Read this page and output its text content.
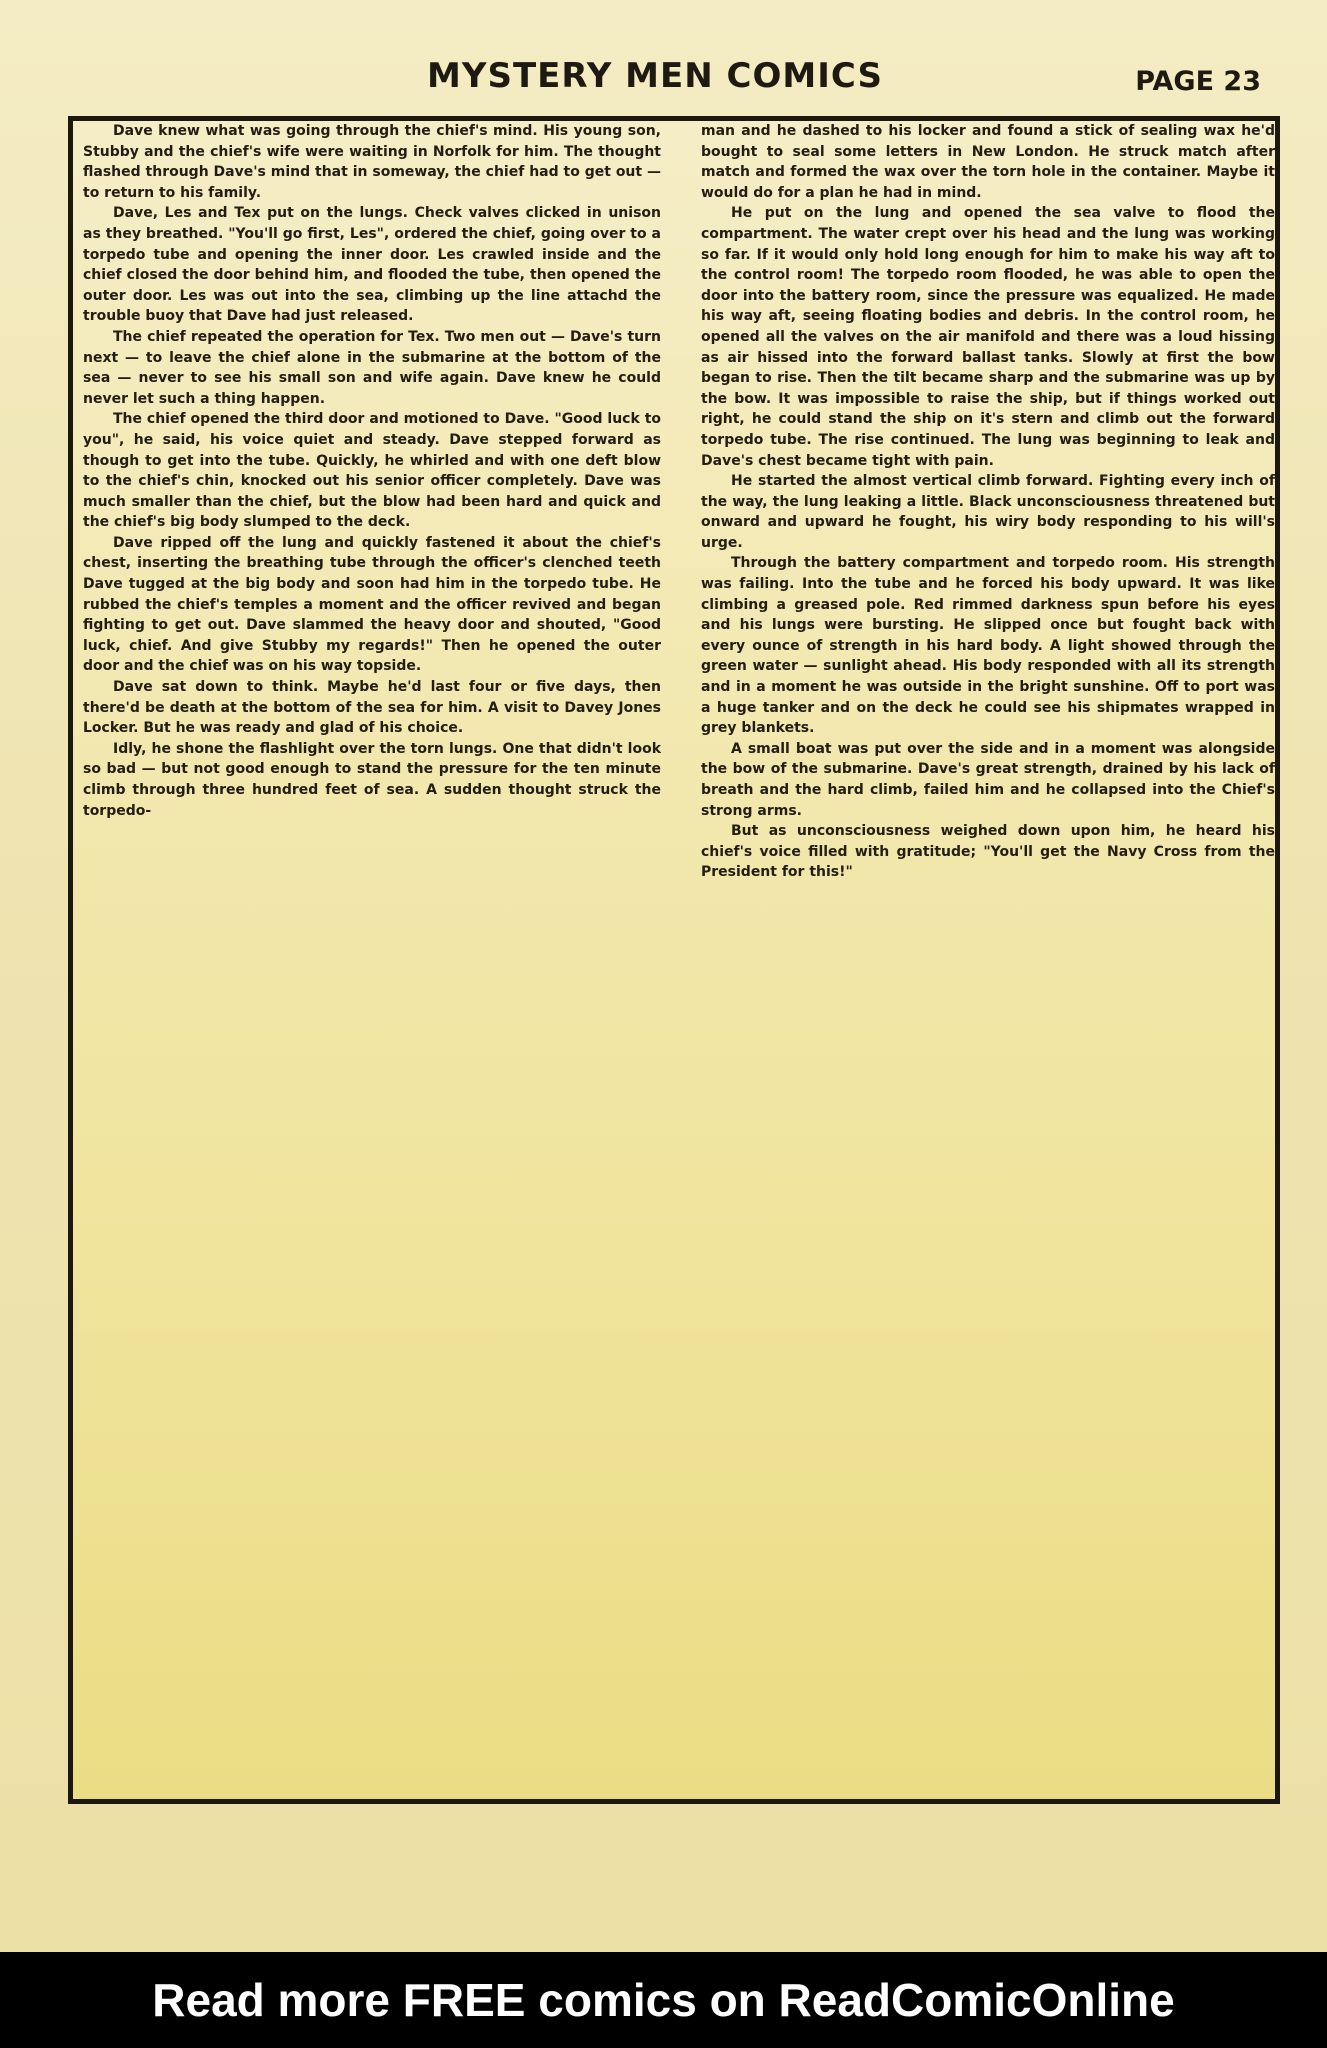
MYSTERY MEN COMICS	PAGE 23

Dave knew what was going through the chief's mind. His young son, Stubby and the chief's wife were waiting in Norfolk for him. The thought flashed through Dave's mind that in someway, the chief had to get out — to return to his family.

Dave, Les and Tex put on the lungs. Check valves clicked in unison as they breathed. "You'll go first, Les", ordered the chief, going over to a torpedo tube and opening the inner door. Les crawled inside and the chief closed the door behind him, and flooded the tube, then opened the outer door. Les was out into the sea, climbing up the line attachd the trouble buoy that Dave had just released.

The chief repeated the operation for Tex. Two men out — Dave's turn next — to leave the chief alone in the submarine at the bottom of the sea — never to see his small son and wife again. Dave knew he could never let such a thing happen.

The chief opened the third door and motioned to Dave. "Good luck to you", he said, his voice quiet and steady. Dave stepped forward as though to get into the tube. Quickly, he whirled and with one deft blow to the chief's chin, knocked out his senior officer completely. Dave was much smaller than the chief, but the blow had been hard and quick and the chief's big body slumped to the deck.

Dave ripped off the lung and quickly fastened it about the chief's chest, inserting the breathing tube through the officer's clenched teeth Dave tugged at the big body and soon had him in the torpedo tube. He rubbed the chief's temples a moment and the officer revived and began fighting to get out. Dave slammed the heavy door and shouted, "Good luck, chief. And give Stubby my regards!" Then he opened the outer door and the chief was on his way topside.

Dave sat down to think. Maybe he'd last four or five days, then there'd be death at the bottom of the sea for him. A visit to Davey Jones Locker. But he was ready and glad of his choice.

Idly, he shone the flashlight over the torn lungs. One that didn't look so bad — but not good enough to stand the pressure for the ten minute climb through three hundred feet of sea. A sudden thought struck the torpedo-

man and he dashed to his locker and found a stick of sealing wax he'd bought to seal some letters in New London. He struck match after match and formed the wax over the torn hole in the container. Maybe it would do for a plan he had in mind.

He put on the lung and opened the sea valve to flood the compartment. The water crept over his head and the lung was working so far. If it would only hold long enough for him to make his way aft to the control room! The torpedo room flooded, he was able to open the door into the battery room, since the pressure was equalized. He made his way aft, seeing floating bodies and debris. In the control room, he opened all the valves on the air manifold and there was a loud hissing as air hissed into the forward ballast tanks. Slowly at first the bow began to rise. Then the tilt became sharp and the submarine was up by the bow. It was impossible to raise the ship, but if things worked out right, he could stand the ship on it's stern and climb out the forward torpedo tube. The rise continued. The lung was beginning to leak and Dave's chest became tight with pain.

He started the almost vertical climb forward. Fighting every inch of the way, the lung leaking a little. Black unconsciousness threatened but onward and upward he fought, his wiry body responding to his will's urge.

Through the battery compartment and torpedo room. His strength was failing. Into the tube and he forced his body upward. It was like climbing a greased pole. Red rimmed darkness spun before his eyes and his lungs were bursting. He slipped once but fought back with every ounce of strength in his hard body. A light showed through the green water — sunlight ahead. His body responded with all its strength and in a moment he was outside in the bright sunshine. Off to port was a huge tanker and on the deck he could see his shipmates wrapped in grey blankets.

A small boat was put over the side and in a moment was alongside the bow of the submarine. Dave's great strength, drained by his lack of breath and the hard climb, failed him and he collapsed into the Chief's strong arms.

But as unconsciousness weighed down upon him, he heard his chief's voice filled with gratitude; "You'll get the Navy Cross from the President for this!"

Read more FREE comics on ReadComicOnline
